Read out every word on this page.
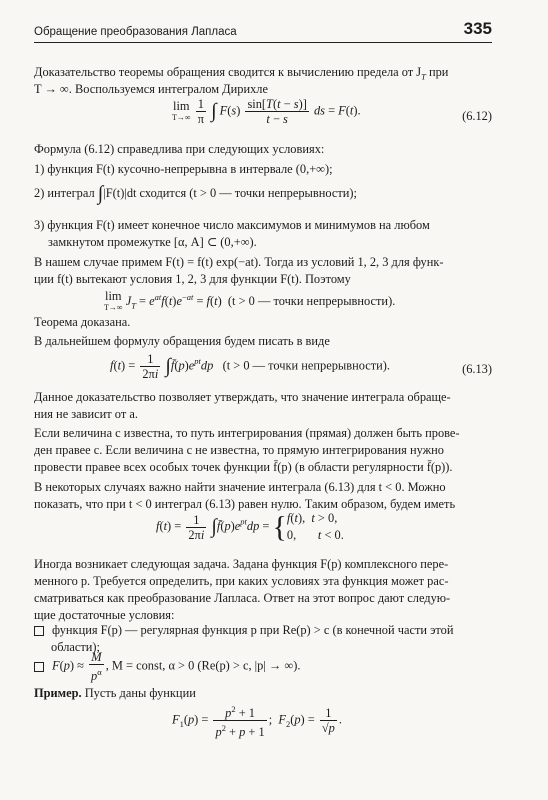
Обращение преобразования Лапласа	335
Доказательство теоремы обращения сводится к вычислению предела от $J_T$ при
T → ∞. Воспользуемся интегралом Дирихле
lim
T→∞
$\frac{1}{\pi}$ ∫ $F(s) \frac{\sin[T(t - s)]}{t - s}$ ds = F(t).	(6.12)
Формула (6.12) справедлива при следующих условиях:
1) функция F(t) кусочно-непрерывна в интервале (0,+∞);
2) интеграл ∫|F(t)|dt сходится (t > 0 — точки непрерывности);
3) функция F(t) имеет конечное число максимумов и минимумов на любом
замкнутом промежутке [α, A] ⊂ (0,+∞).
В нашем случае примем F(t) = f(t) exp(−at). Тогда из условий 1, 2, 3 для функ-
ции f(t) вытекают условия 1, 2, 3 для функции F(t). Поэтому
lim
T→∞ $J_T = e^{at}f(t)e^{-at} = f(t) (t > 0$ — точки непрерывности).
Теорема доказана.
В дальнейшем формулу обращения будем писать в виде
$f(t) = \frac{1}{2\pi i}$ $\int f̄(p)e^{pt}dp$ (t > 0 — точки непрерывности).	(6.13)
Данное доказательство позволяет утверждать, что значение интеграла обраще-
ния не зависит от a.
Если величина c известна, то путь интегрирования (прямая) должен быть прове-
ден правее c. Если величина c не известна, то прямую интегрирования нужно
провести правее всех особых точек функции f̄(p) (в области регулярности f̄(p)).
В некоторых случаях важно найти значение интеграла (6.13) для t < 0. Можно
показать, что при t < 0 интеграл (6.13) равен нулю. Таким образом, будем иметь
$f(t) = \frac{1}{2\pi i}$ $\int f̄(p)e^{pt}dp = \{f(t)$,  t > 0,
0,       t < 0.
Иногда возникает следующая задача. Задана функция F(p) комплексного пере-
менного p. Требуется определить, при каких условиях эта функция может рас-
сматриваться как преобразование Лапласа. Ответ на этот вопрос дают следую-
щие достаточные условия:
функция F(p) — регулярная функция p при Re(p) > c (в конечной части этой
области);
$F(p) \approx \frac{M}{p^\alpha}$ , M = const, α > 0 (Re(p) > c, |p| → ∞).
Пример. Пусть даны функции
$F_1(p) = \frac{p^2 + 1}{p^2 + p + 1}$ ;  $F_2(p) = \frac{1}{√p}$ .
